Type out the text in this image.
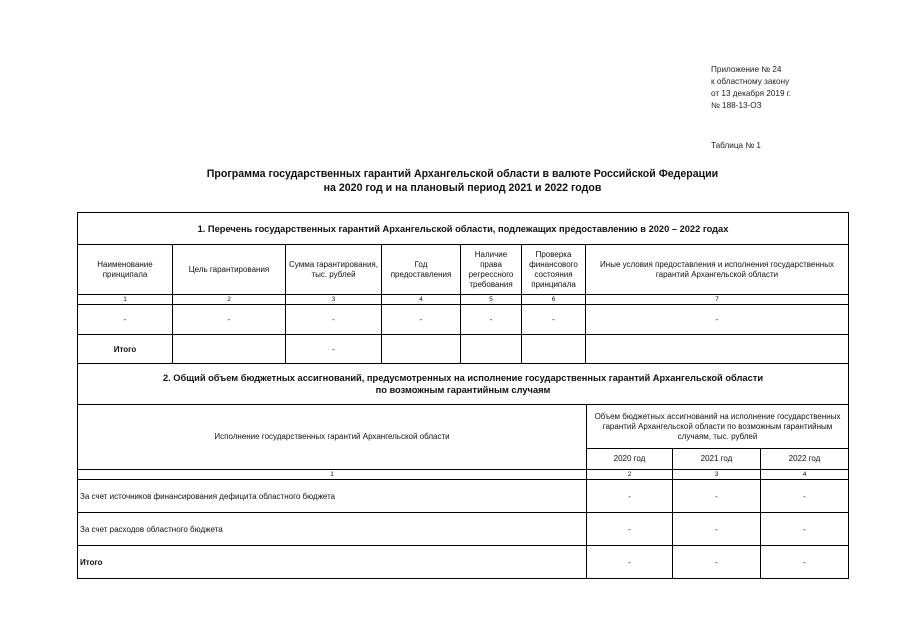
Приложение № 24
к областному закону
от 13 декабря 2019 г.
№ 188-13-ОЗ
Таблица № 1
Программа государственных гарантий Архангельской области в валюте Российской Федерации
на 2020 год и на плановый период 2021 и 2022 годов
1. Перечень государственных гарантий Архангельской области, подлежащих предоставлению в 2020 – 2022 годах						
Наименование принципала	Цель гарантирования	Сумма гарантирования, тыс. рублей	Год предоставления	Наличие права регрессного требования	Проверка финансового состояния принципала	Иные условия предоставления и исполнения государственных гарантий Архангельской области
1	2	3	4	5	6	7
-	-	-	-	-	-	-
Итого		-				

2. Общий объем бюджетных ассигнований, предусмотренных на исполнение государственных гарантий Архангельской области
по возможным гарантийным случаям						
Исполнение государственных гарантий Архангельской области	Объем бюджетных ассигнований на исполнение государственных гарантий Архангельской области по возможным гарантийным случаям, тыс. рублей		
	2020 год	2021 год	2022 год
1	2	3	4
За счет источников финансирования дефицита областного бюджета	-	-	-
За счет расходов областного бюджета	-	-	-
Итого	-	-	-
